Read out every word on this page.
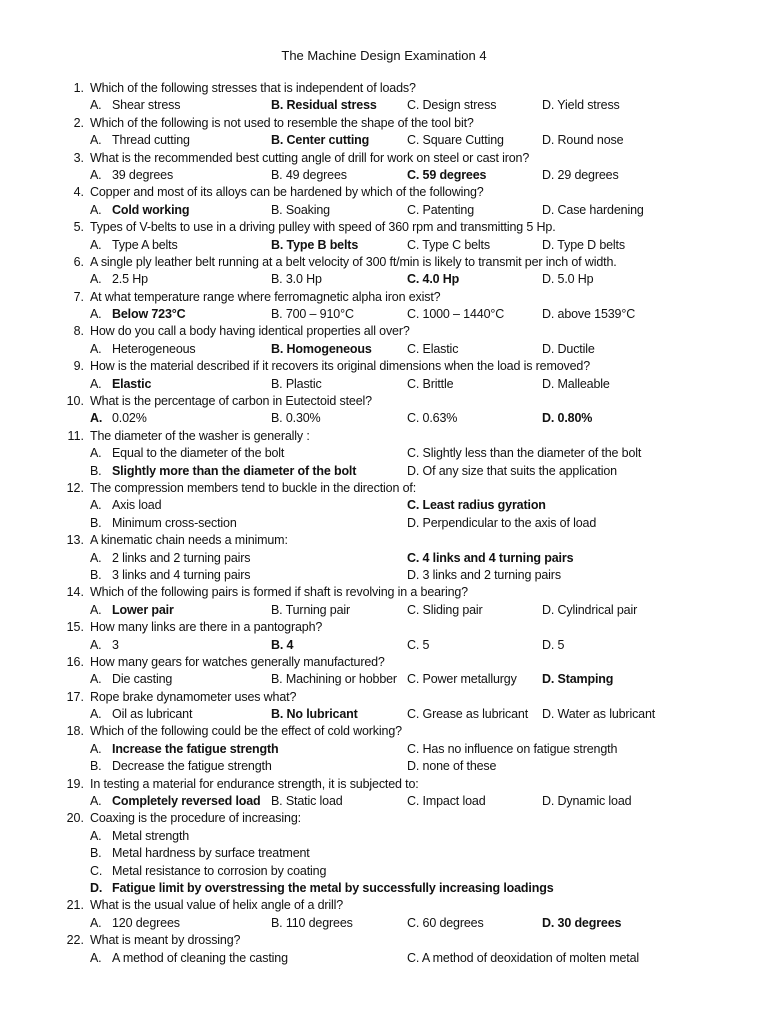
The Machine Design Examination 4
1. Which of the following stresses that is independent of loads?
A. Shear stress	B. Residual stress C. Design stress	D. Yield stress
2. Which of the following is not used to resemble the shape of the tool bit?
A. Thread cutting	B. Center cutting	C. Square Cutting	D. Round nose
3. What is the recommended best cutting angle of drill for work on steel or cast iron?
A. 39 degrees	B. 49 degrees	C. 59 degrees	D. 29 degrees
4. Copper and most of its alloys can be hardened by which of the following?
A. Cold working	B. Soaking	C. Patenting	D. Case hardening
5. Types of V-belts to use in a driving pulley with speed of 360 rpm and transmitting 5 Hp.
A. Type A belts	B. Type B belts	C. Type C belts	D. Type D belts
6. A single ply leather belt running at a belt velocity of 300 ft/min is likely to transmit per inch of width.
A. 2.5 Hp	B. 3.0 Hp	C. 4.0 Hp	D. 5.0 Hp
7. At what temperature range where ferromagnetic alpha iron exist?
A. Below 723°C	B. 700 – 910°C	C. 1000 – 1440°C	D. above 1539°C
8. How do you call a body having identical properties all over?
A. Heterogeneous	B. Homogeneous	C. Elastic	D. Ductile
9. How is the material described if it recovers its original dimensions when the load is removed?
A. Elastic	B. Plastic	C. Brittle	D. Malleable
10. What is the percentage of carbon in Eutectoid steel?
A. 0.02%	B. 0.30%	C. 0.63%	D. 0.80%
11. The diameter of the washer is generally :
A. Equal to the diameter of the bolt	C. Slightly less than the diameter of the bolt
B. Slightly more than the diameter of the bolt	D. Of any size that suits the application
12. The compression members tend to buckle in the direction of:
A. Axis load	C. Least radius gyration
B. Minimum cross-section	D. Perpendicular to the axis of load
13. A kinematic chain needs a minimum:
A. 2 links and 2 turning pairs	C. 4 links and 4 turning pairs
B. 3 links and 4 turning pairs	D. 3 links and 2 turning pairs
14. Which of the following pairs is formed if shaft is revolving in a bearing?
A. Lower pair	B. Turning pair	C. Sliding pair	D. Cylindrical pair
15. How many links are there in a pantograph?
A. 3	B. 4	C. 5	D. 5
16. How many gears for watches generally manufactured?
A. Die casting	B. Machining or hobber C. Power metallurgy D. Stamping
17. Rope brake dynamometer uses what?
A. Oil as lubricant	B. No lubricant	C. Grease as lubricant D. Water as lubricant
18. Which of the following could be the effect of cold working?
A. Increase the fatigue strength	C. Has no influence on fatigue strength
B. Decrease the fatigue strength	D. none of these
19. In testing a material for endurance strength, it is subjected to:
A. Completely reversed load B. Static load	C. Impact load	D. Dynamic load
20. Coaxing is the procedure of increasing:
A. Metal strength
B. Metal hardness by surface treatment
C. Metal resistance to corrosion by coating
D. Fatigue limit by overstressing the metal by successfully increasing loadings
21. What is the usual value of helix angle of a drill?
A. 120 degrees	B. 110 degrees	C. 60 degrees	D. 30 degrees
22. What is meant by drossing?
A. A method of cleaning the casting	C. A method of deoxidation of molten metal
